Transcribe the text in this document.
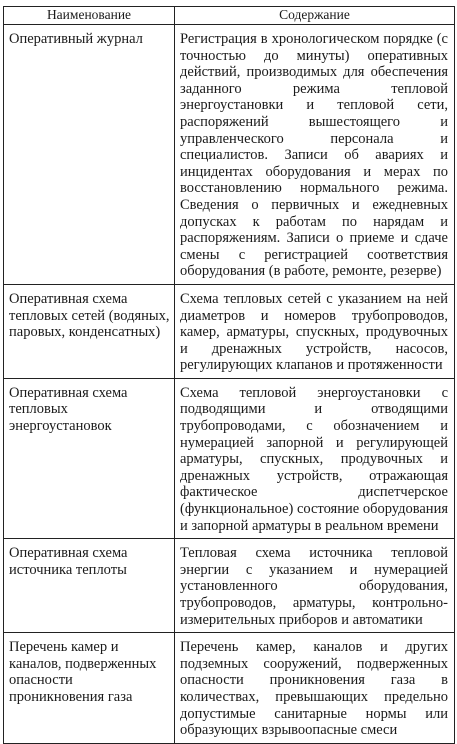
Наименование	Содержание
Оперативный журнал	Регистрация в хронологическом порядке (с точностью до минуты) оперативных действий, производимых для обеспечения заданного режима тепловой энергоустановки и тепловой сети, распоряжений вышестоящего и управленческого персонала и специалистов. Записи об авариях и инцидентах оборудования и мерах по восстановлению нормального режима. Сведения о первичных и ежедневных допусках к работам по нарядам и распоряжениям. Записи о приеме и сдаче смены с регистрацией соответствия оборудования (в работе, ремонте, резерве)
Оперативная схема тепловых сетей (водяных, паровых, конденсатных)	Схема тепловых сетей с указанием на ней диаметров и номеров трубопроводов, камер, арматуры, спускных, продувочных и дренажных устройств, насосов, регулирующих клапанов и протяженности
Оперативная схема тепловых энергоустановок	Схема тепловой энергоустановки с подводящими и отводящими трубопроводами, с обозначением и нумерацией запорной и регулирующей арматуры, спускных, продувочных и дренажных устройств, отражающая фактическое диспетчерское (функциональное) состояние оборудования и запорной арматуры в реальном времени
Оперативная схема источника теплоты	Тепловая схема источника тепловой энергии с указанием и нумерацией установленного оборудования, трубопроводов, арматуры, контрольно-измерительных приборов и автоматики
Перечень камер и каналов, подверженных опасности проникновения газа	Перечень камер, каналов и других подземных сооружений, подверженных опасности проникновения газа в количествах, превышающих предельно допустимые санитарные нормы или образующих взрывоопасные смеси
